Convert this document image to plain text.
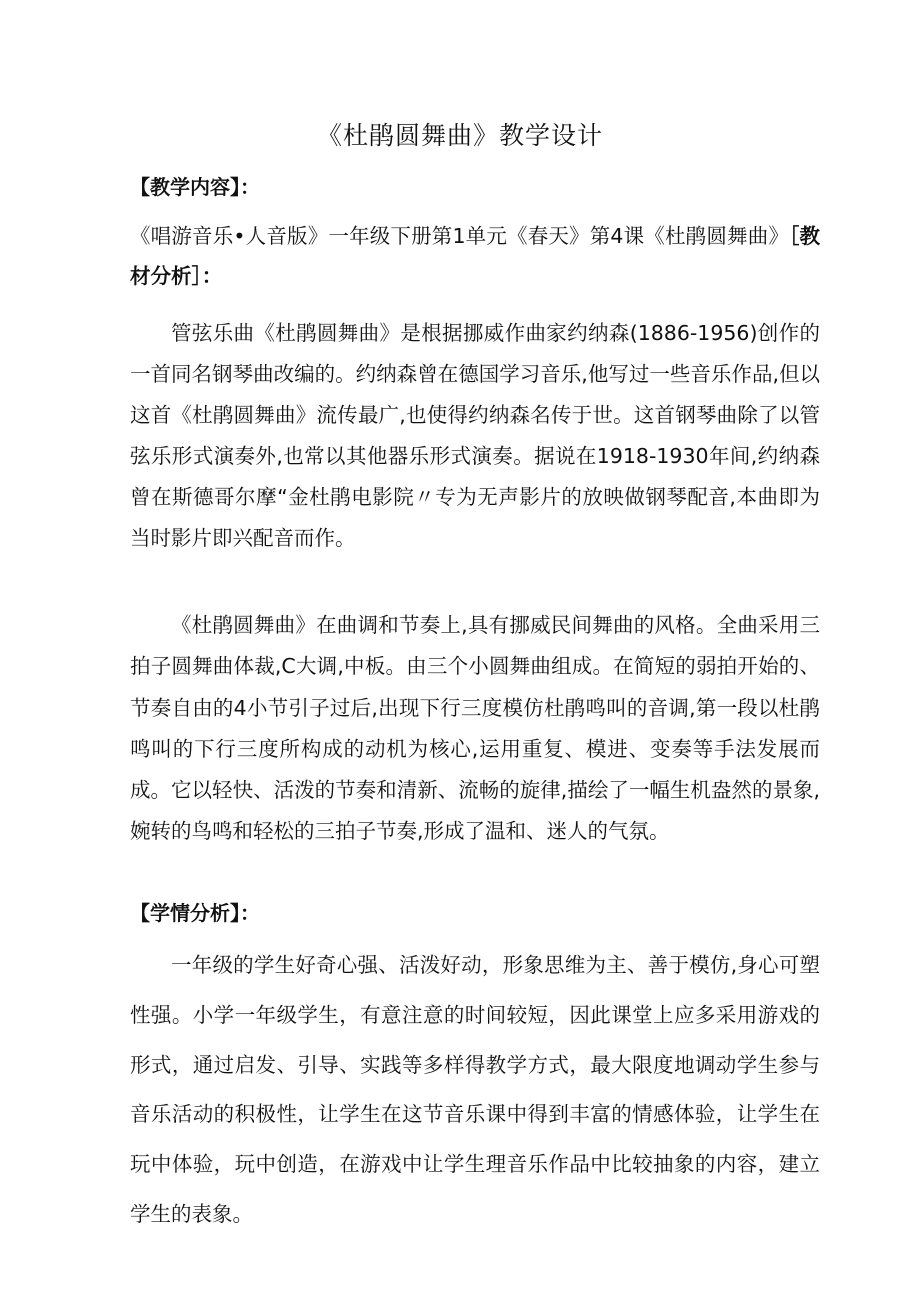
《杜鹃圆舞曲》教学设计
【教学内容】：
《唱游音乐•人音版》一年级下册第1单元《春天》第4课《杜鹃圆舞曲》［教材分析］：
管弦乐曲《杜鹃圆舞曲》是根据挪威作曲家约纳森(1886-1956)创作的一首同名钢琴曲改编的。约纳森曾在德国学习音乐,他写过一些音乐作品,但以这首《杜鹃圆舞曲》流传最广,也使得约纳森名传于世。这首钢琴曲除了以管弦乐形式演奏外,也常以其他器乐形式演奏。据说在1918-1930年间,约纳森曾在斯德哥尔摩“金杜鹃电影院〃专为无声影片的放映做钢琴配音,本曲即为当时影片即兴配音而作。
《杜鹃圆舞曲》在曲调和节奏上,具有挪威民间舞曲的风格。全曲采用三拍子圆舞曲体裁,C大调,中板。由三个小圆舞曲组成。在简短的弱拍开始的、节奏自由的4小节引子过后,出现下行三度模仿杜鹃鸣叫的音调,第一段以杜鹃鸣叫的下行三度所构成的动机为核心,运用重复、模进、变奏等手法发展而成。它以轻快、活泼的节奏和清新、流畅的旋律,描绘了一幅生机盎然的景象,婉转的鸟鸣和轻松的三拍子节奏,形成了温和、迷人的气氛。
【学情分析】：
一年级的学生好奇心强、活泼好动，形象思维为主、善于模仿,身心可塑性强。小学一年级学生，有意注意的时间较短，因此课堂上应多采用游戏的形式，通过启发、引导、实践等多样得教学方式，最大限度地调动学生参与音乐活动的积极性，让学生在这节音乐课中得到丰富的情感体验，让学生在玩中体验，玩中创造，在游戏中让学生理音乐作品中比较抽象的内容，建立学生的表象。
